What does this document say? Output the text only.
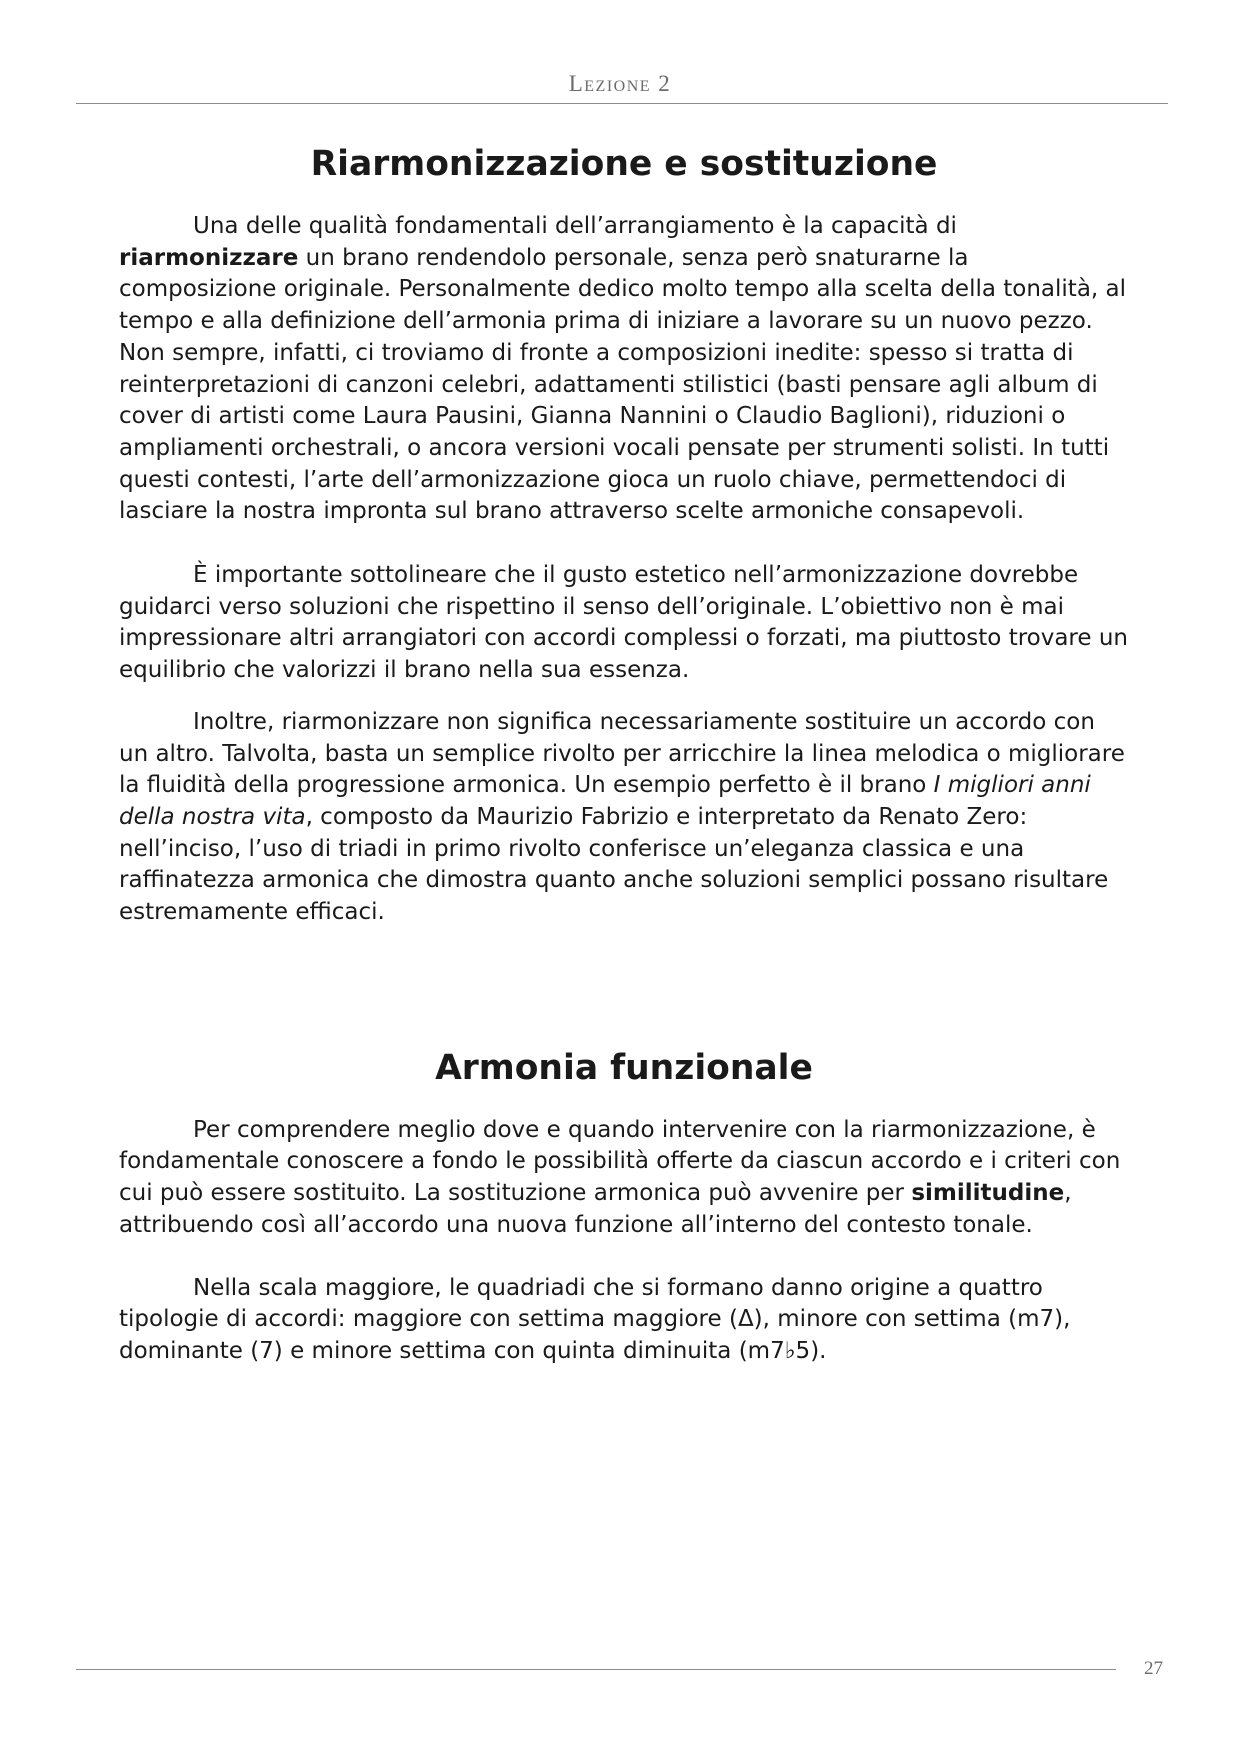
Lezione 2
Riarmonizzazione e sostituzione

Una delle qualità fondamentali dell’arrangiamento è la capacità di riarmonizzare un brano rendendolo personale, senza però snaturarne la composizione originale. Personalmente dedico molto tempo alla scelta della tonalità, al tempo e alla definizione dell’armonia prima di iniziare a lavorare su un nuovo pezzo. Non sempre, infatti, ci troviamo di fronte a composizioni inedite: spesso si tratta di reinterpretazioni di canzoni celebri, adattamenti stilistici (basti pensare agli album di cover di artisti come Laura Pausini, Gianna Nannini o Claudio Baglioni), riduzioni o ampliamenti orchestrali, o ancora versioni vocali pensate per strumenti solisti. In tutti questi contesti, l’arte dell’armonizzazione gioca un ruolo chiave, permettendoci di lasciare la nostra impronta sul brano attraverso scelte armoniche consapevoli.

È importante sottolineare che il gusto estetico nell’armonizzazione dovrebbe guidarci verso soluzioni che rispettino il senso dell’originale. L’obiettivo non è mai impressionare altri arrangiatori con accordi complessi o forzati, ma piuttosto trovare un equilibrio che valorizzi il brano nella sua essenza.

Inoltre, riarmonizzare non significa necessariamente sostituire un accordo con un altro. Talvolta, basta un semplice rivolto per arricchire la linea melodica o migliorare la fluidità della progressione armonica. Un esempio perfetto è il brano I migliori anni della nostra vita, composto da Maurizio Fabrizio e interpretato da Renato Zero: nell’inciso, l’uso di triadi in primo rivolto conferisce un’eleganza classica e una raffinatezza armonica che dimostra quanto anche soluzioni semplici possano risultare estremamente efficaci.

Armonia funzionale

Per comprendere meglio dove e quando intervenire con la riarmonizzazione, è fondamentale conoscere a fondo le possibilità offerte da ciascun accordo e i criteri con cui può essere sostituito. La sostituzione armonica può avvenire per similitudine, attribuendo così all’accordo una nuova funzione all’interno del contesto tonale.

Nella scala maggiore, le quadriadi che si formano danno origine a quattro tipologie di accordi: maggiore con settima maggiore (Δ), minore con settima (m7), dominante (7) e minore settima con quinta diminuita (m7♭5).

27
